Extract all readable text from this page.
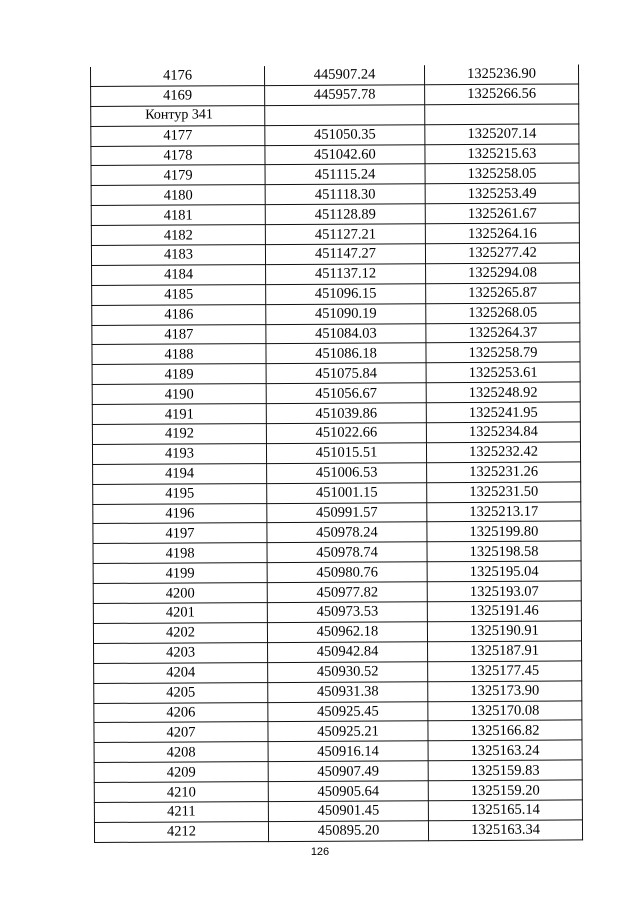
4176	445907.24	1325236.90
4169	445957.78	1325266.56
Контур 341		
4177	451050.35	1325207.14
4178	451042.60	1325215.63
4179	451115.24	1325258.05
4180	451118.30	1325253.49
4181	451128.89	1325261.67
4182	451127.21	1325264.16
4183	451147.27	1325277.42
4184	451137.12	1325294.08
4185	451096.15	1325265.87
4186	451090.19	1325268.05
4187	451084.03	1325264.37
4188	451086.18	1325258.79
4189	451075.84	1325253.61
4190	451056.67	1325248.92
4191	451039.86	1325241.95
4192	451022.66	1325234.84
4193	451015.51	1325232.42
4194	451006.53	1325231.26
4195	451001.15	1325231.50
4196	450991.57	1325213.17
4197	450978.24	1325199.80
4198	450978.74	1325198.58
4199	450980.76	1325195.04
4200	450977.82	1325193.07
4201	450973.53	1325191.46
4202	450962.18	1325190.91
4203	450942.84	1325187.91
4204	450930.52	1325177.45
4205	450931.38	1325173.90
4206	450925.45	1325170.08
4207	450925.21	1325166.82
4208	450916.14	1325163.24
4209	450907.49	1325159.83
4210	450905.64	1325159.20
4211	450901.45	1325165.14
4212	450895.20	1325163.34
126
